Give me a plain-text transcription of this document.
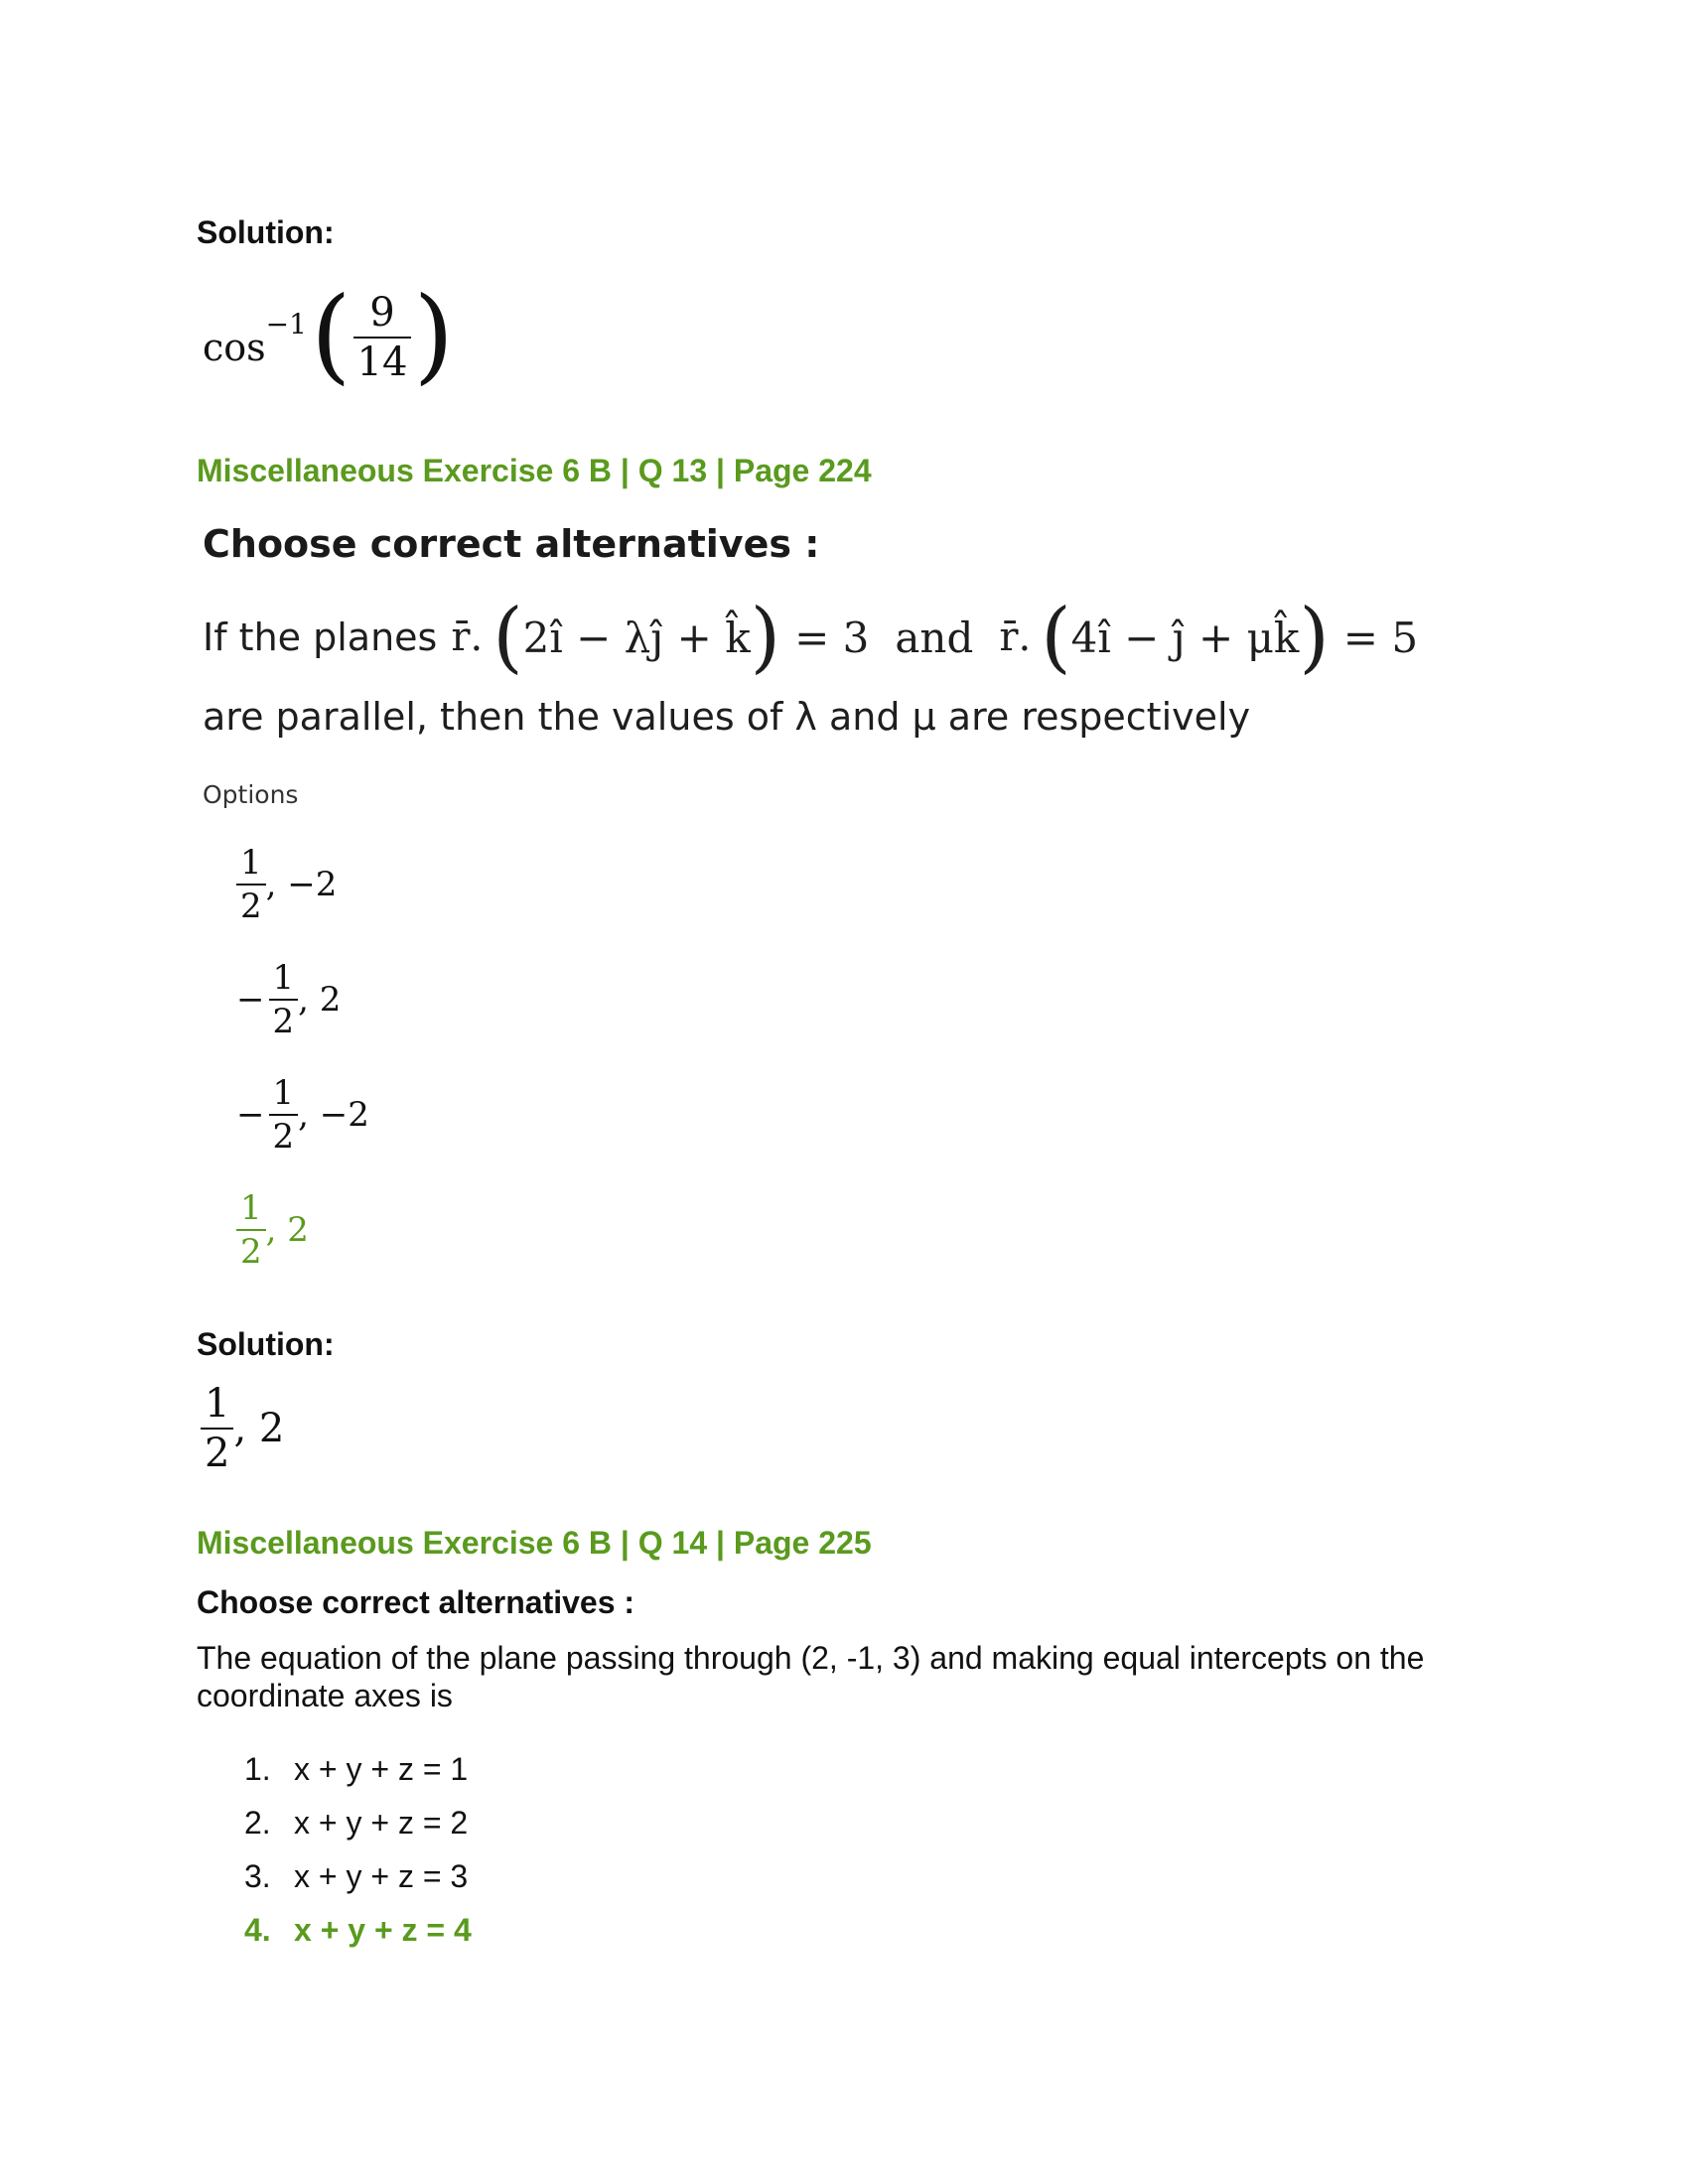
Solution:
cos
−1 ( $\frac{9}{14}$ )
Miscellaneous Exercise 6 B | Q 13 | Page 224
Choose correct alternatives :
If the planes r̄ . ( 2î − λĵ + k̂ ) = 3 and r̄ . ( 4î − ĵ + μk̂ ) = 5
are parallel, then the values of λ and μ are respectively
Options
$\frac{1}{2}$ , −2
− $\frac{1}{2}$ , 2
− $\frac{1}{2}$ , −2
$\frac{1}{2}$ , 2
Solution:
$\frac{1}{2}$ , 2
Miscellaneous Exercise 6 B | Q 14 | Page 225
Choose correct alternatives :
The equation of the plane passing through (2, -1, 3) and making equal intercepts on the
coordinate axes is
1. x + y + z = 1
2. x + y + z = 2
3. x + y + z = 3
4. x + y + z = 4
